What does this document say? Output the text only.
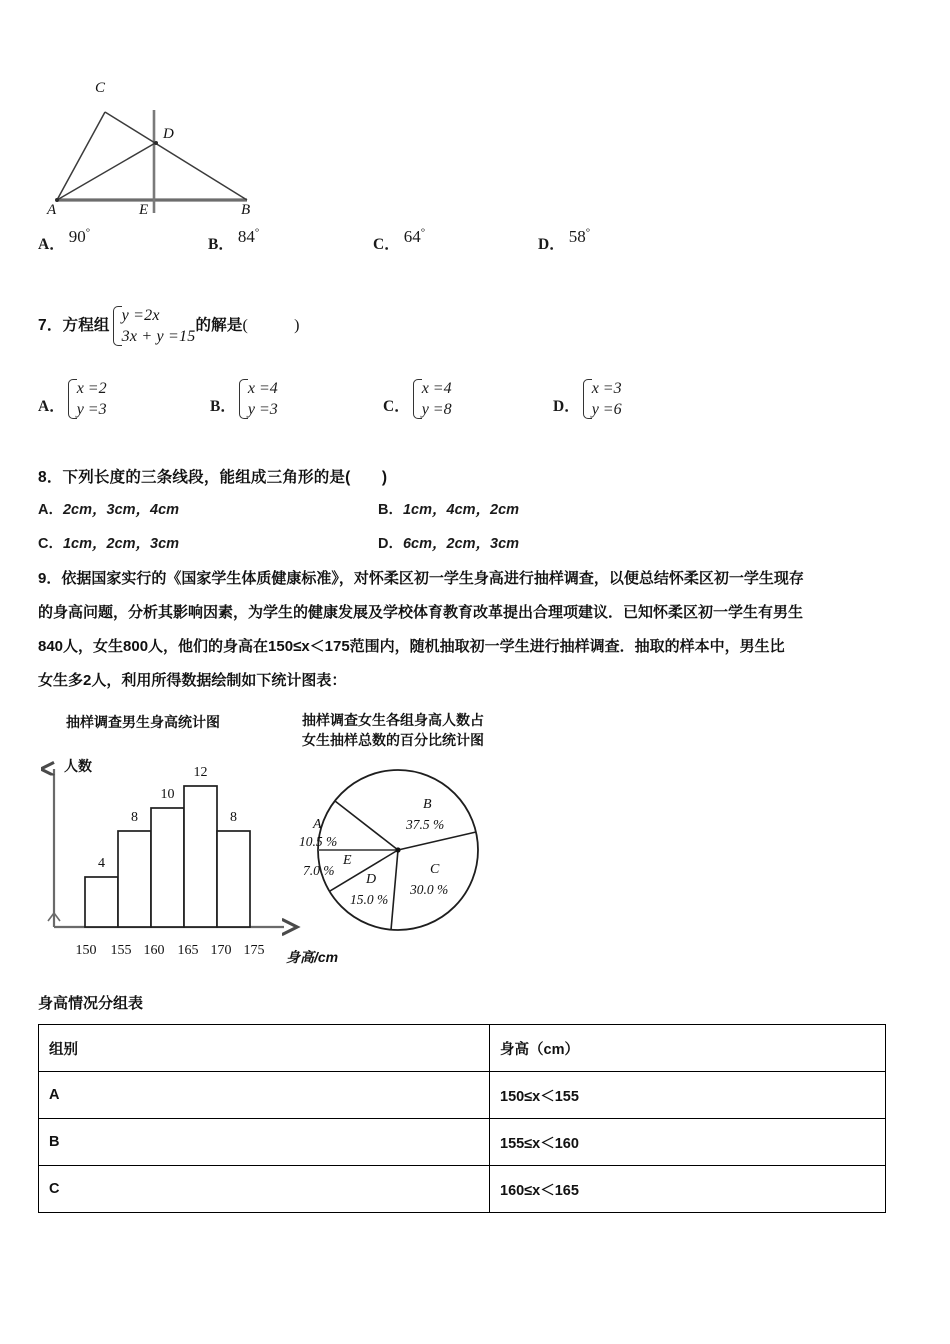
C
D
A	E	B
A． 90°
B． 84°
C． 64°
D． 58°
7．方程组
y =2x
3x + y =15
的解是(	)
A．
x =2
y =3	B．
x =4
y =3	C．
x =4
y =8	D．
x =3
y =6
8．下列长度的三条线段，能组成三角形的是(　　)
A．2cm，3cm，4cm	B．1cm，4cm，2cm
C．1cm，2cm，3cm	D．6cm，2cm，3cm
9．依据国家实行的《国家学生体质健康标准》，对怀柔区初一学生身高进行抽样调查，以便总结怀柔区初一学生现存
的身高问题，分析其影响因素，为学生的健康发展及学校体育教育改革提出合理项建议．已知怀柔区初一学生有男生
840人，女生800人，他们的身高在150≤x＜175范围内，随机抽取初一学生进行抽样调查．抽取的样本中，男生比
女生多2人，利用所得数据绘制如下统计图表：
抽样调查男生身高统计图	抽样调查女生各组身高人数占
女生抽样总数的百分比统计图
人数
身高/cm
4
8
10
12
8
150	155 160 165 170 175
A
10.5 %
B
37.5 %
C
30.0 %
D
15.0 %
E
7.0 %
身高情况分组表
组别	身高（cm）
A	150≤x＜155
B	155≤x＜160
C	160≤x＜165
